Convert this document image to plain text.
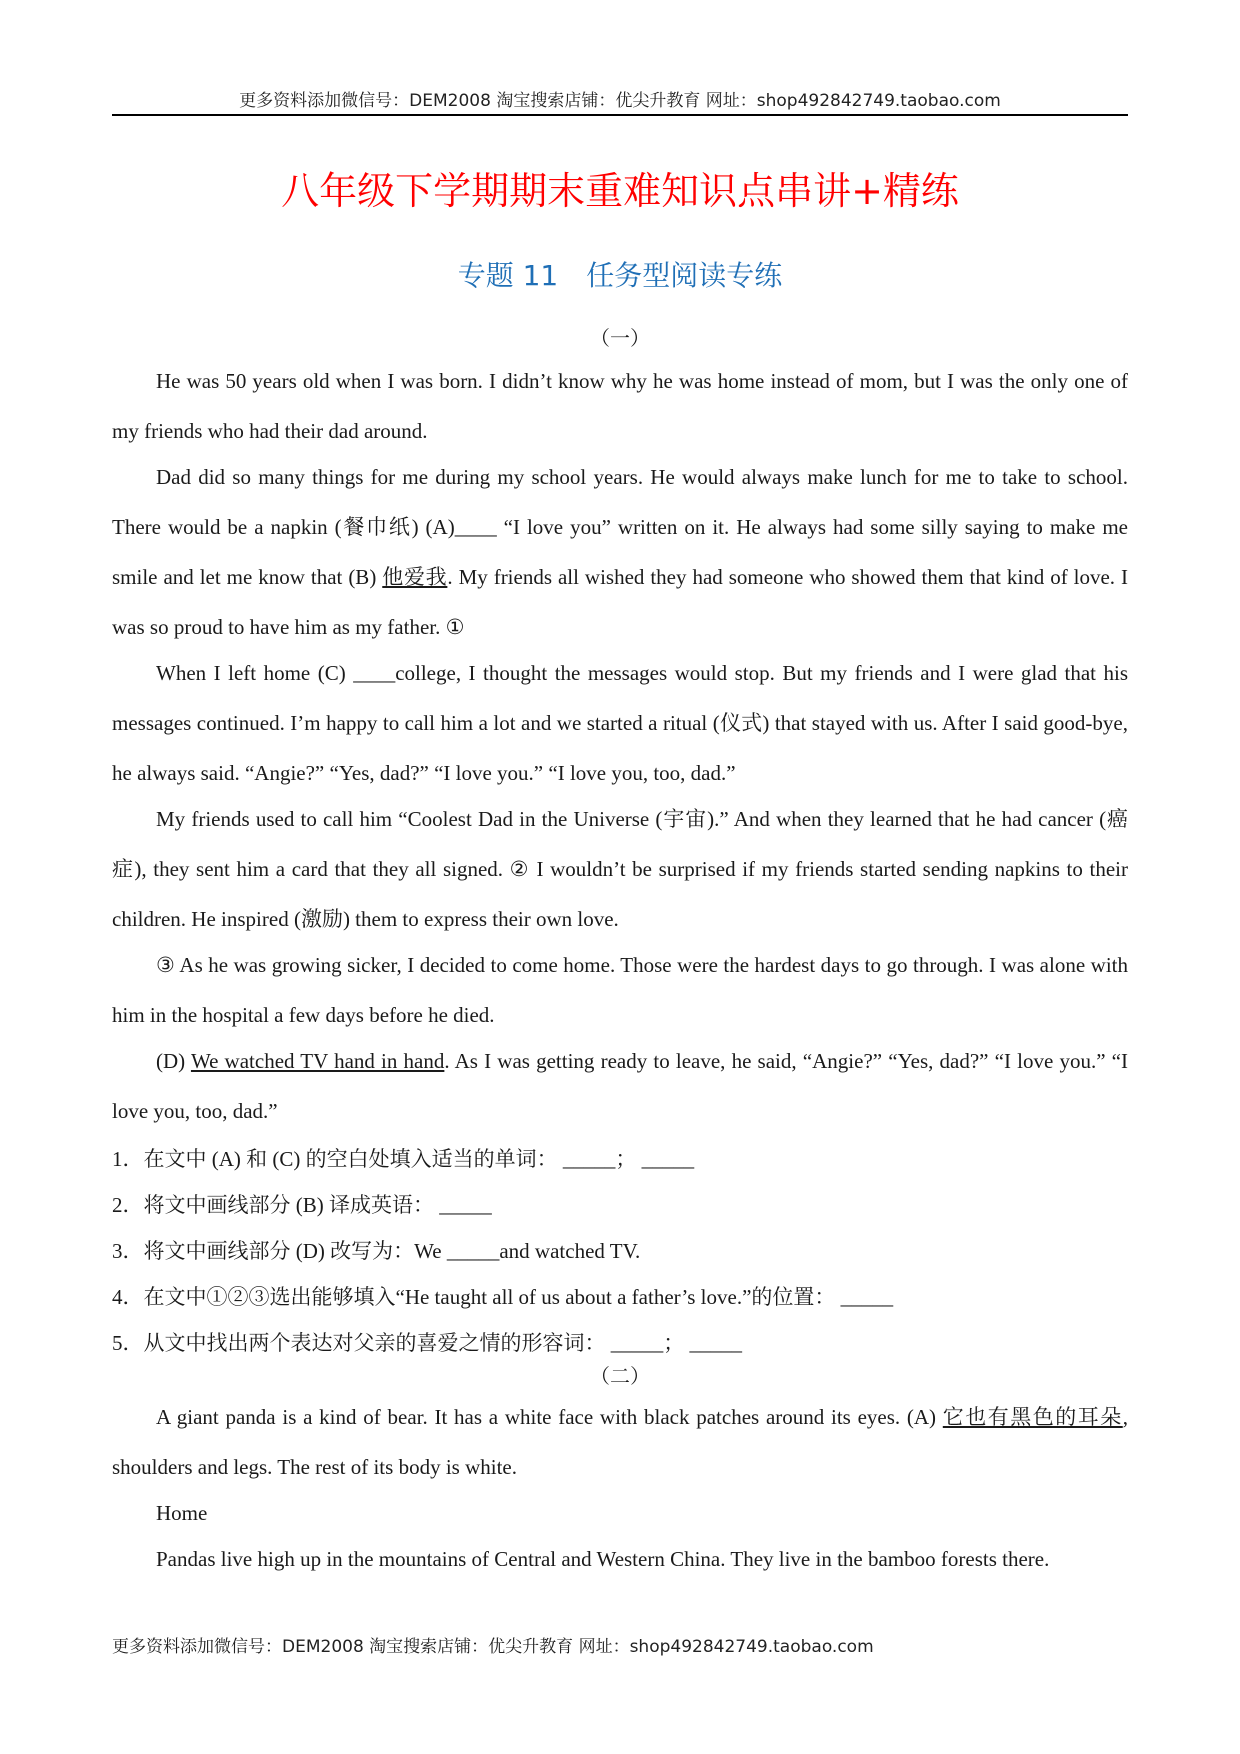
更多资料添加微信号：DEM2008 淘宝搜索店铺：优尖升教育 网址：shop492842749.taobao.com
八年级下学期期末重难知识点串讲+精练
专题 11 任务型阅读专练
（一）

He was 50 years old when I was born. I didn’t know why he was home instead of mom, but I was the only one of my friends who had their dad around.

Dad did so many things for me during my school years. He would always make lunch for me to take to school. There would be a napkin (餐巾纸) (A)____ “I love you” written on it. He always had some silly saying to make me smile and let me know that (B) 他爱我. My friends all wished they had someone who showed them that kind of love. I was so proud to have him as my father. ①

When I left home (C) ____college, I thought the messages would stop. But my friends and I were glad that his messages continued. I’m happy to call him a lot and we started a ritual (仪式) that stayed with us. After I said good-bye, he always said. “Angie?” “Yes, dad?” “I love you.” “I love you, too, dad.”

My friends used to call him “Coolest Dad in the Universe (宇宙).” And when they learned that he had cancer (癌症), they sent him a card that they all signed. ② I wouldn’t be surprised if my friends started sending napkins to their children. He inspired (激励) them to express their own love.

③ As he was growing sicker, I decided to come home. Those were the hardest days to go through. I was alone with him in the hospital a few days before he died.

(D) We watched TV hand in hand. As I was getting ready to leave, he said, “Angie?” “Yes, dad?” “I love you.” “I love you, too, dad.”

1．在文中 (A) 和 (C) 的空白处填入适当的单词： _____； _____

2．将文中画线部分 (B) 译成英语： _____

3．将文中画线部分 (D) 改写为：We _____and watched TV.

4．在文中①②③选出能够填入“He taught all of us about a father’s love.”的位置： _____

5．从文中找出两个表达对父亲的喜爱之情的形容词： _____； _____

（二）

A giant panda is a kind of bear. It has a white face with black patches around its eyes. (A) 它也有黑色的耳朵, shoulders and legs. The rest of its body is white.

Home

Pandas live high up in the mountains of Central and Western China. They live in the bamboo forests there.

更多资料添加微信号：DEM2008 淘宝搜索店铺：优尖升教育 网址：shop492842749.taobao.com
